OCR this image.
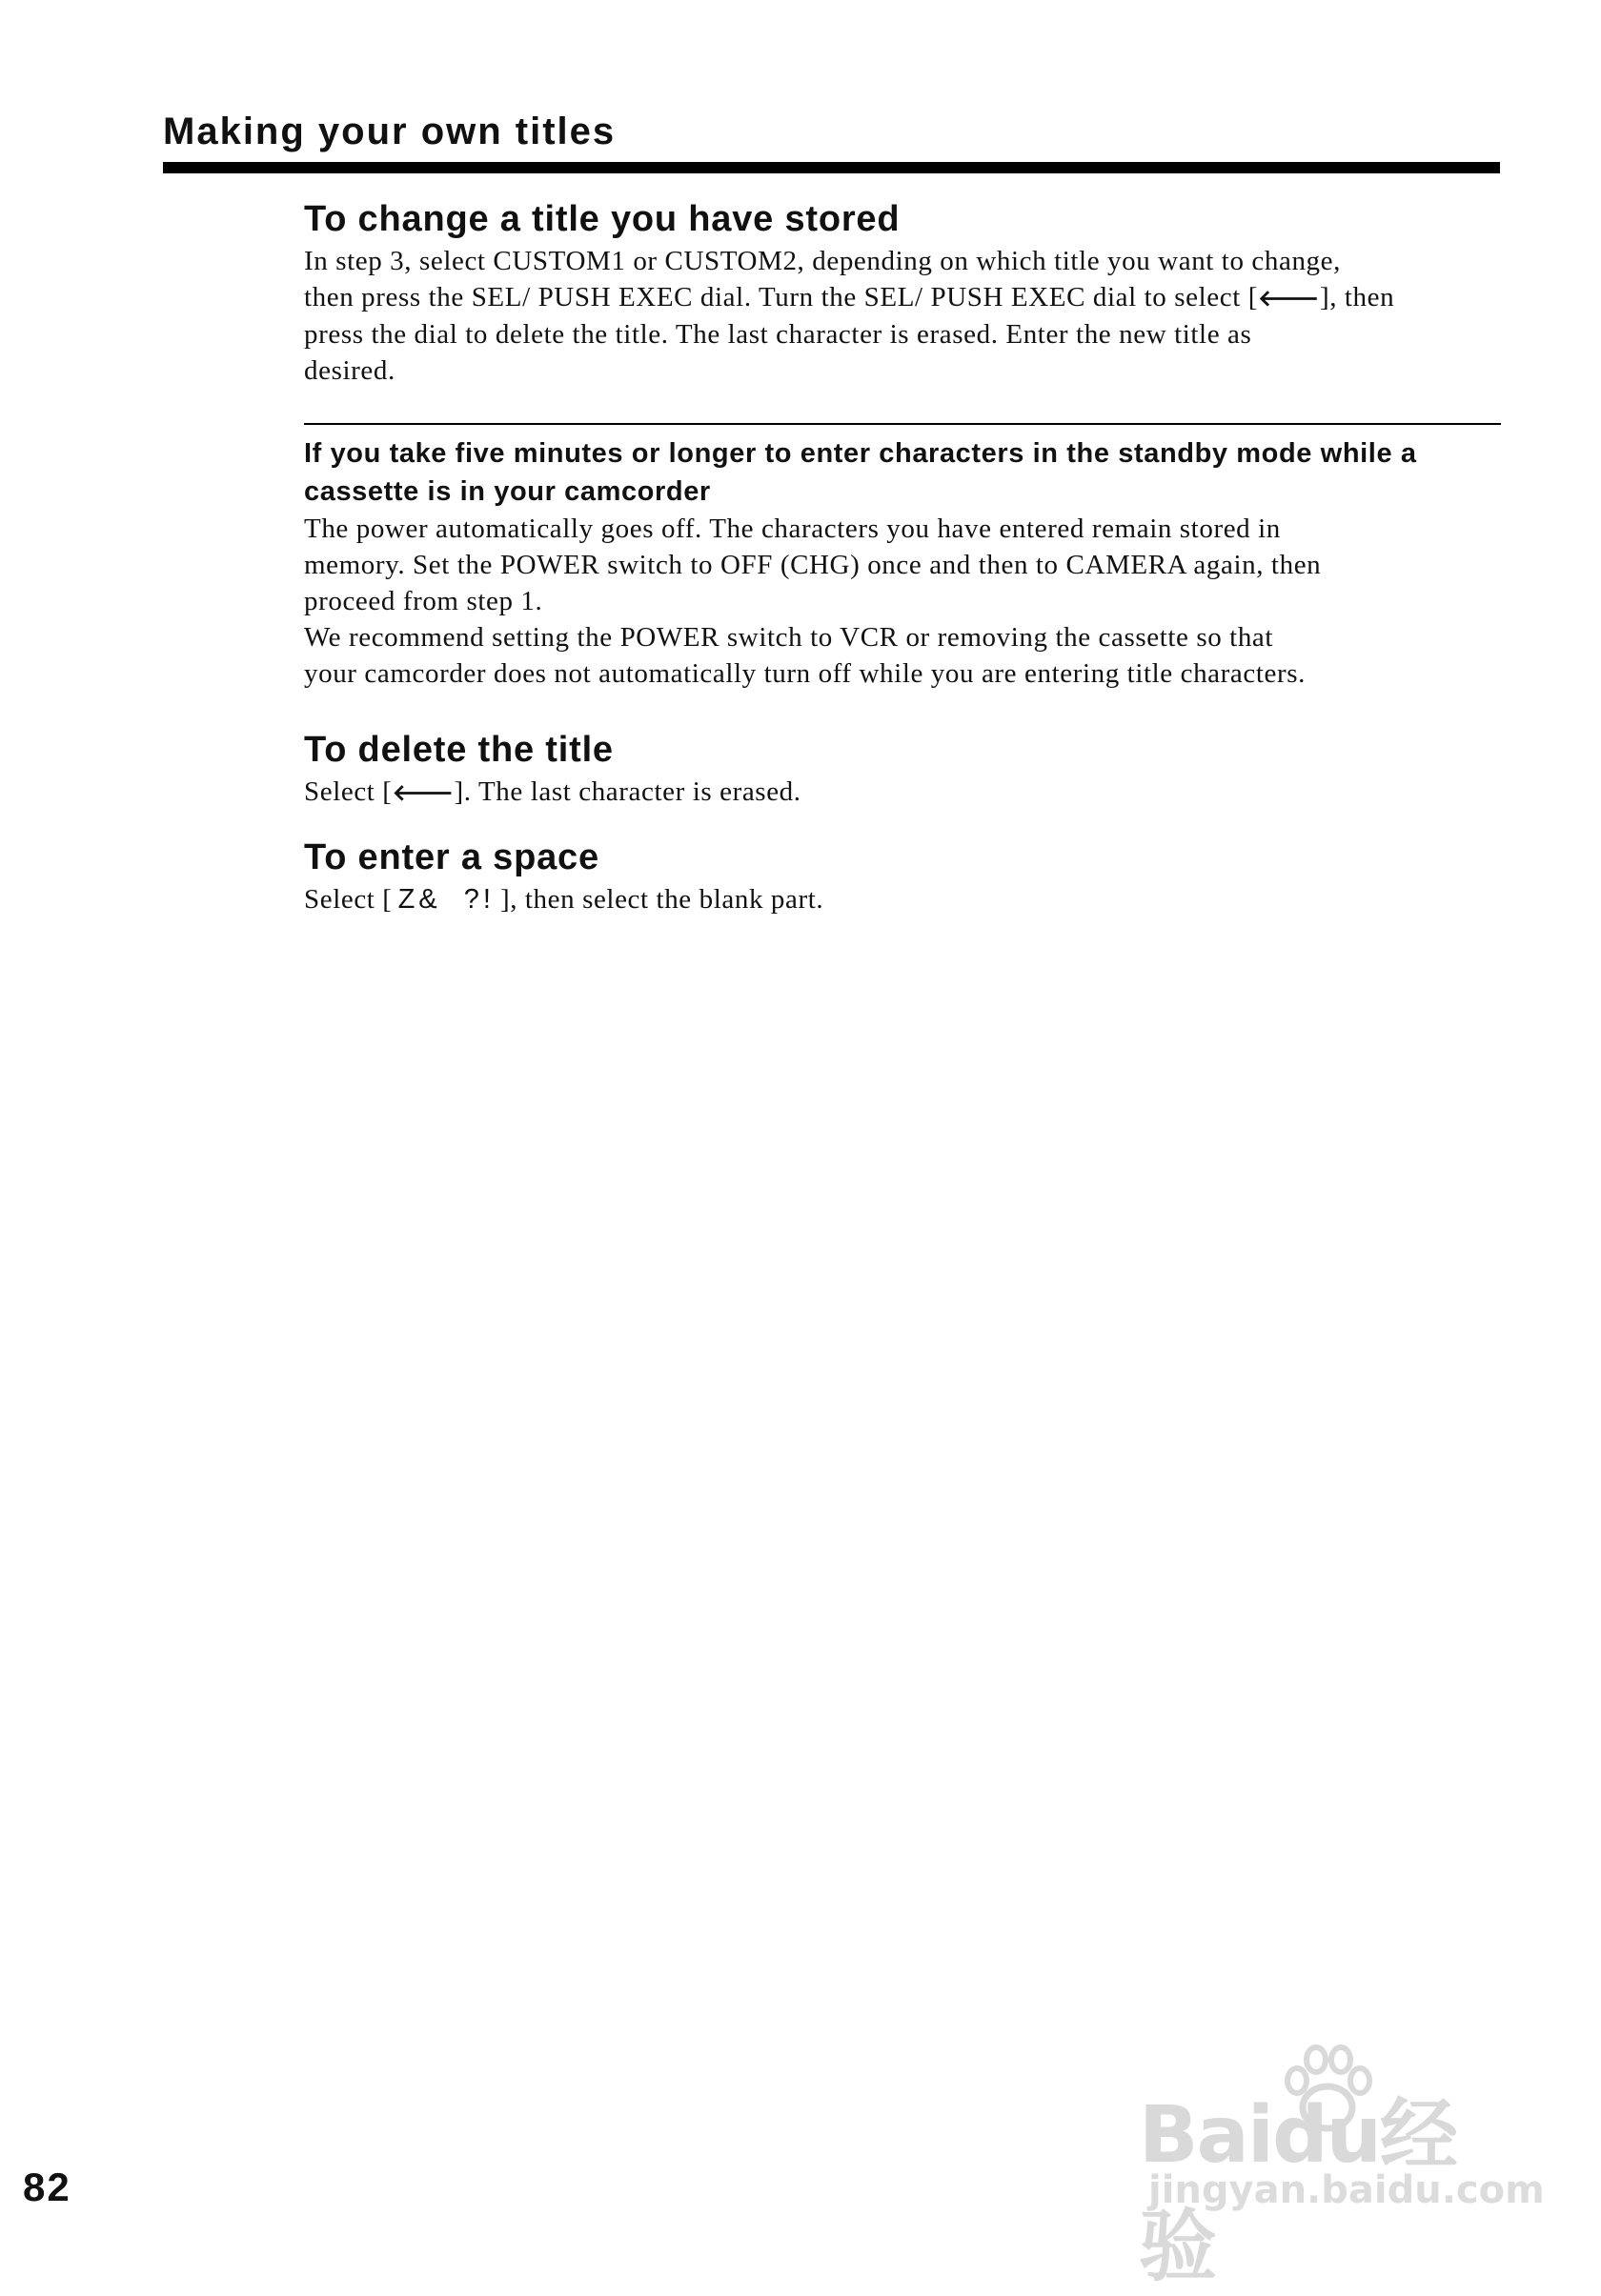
Making your own titles
To change a title you have stored

In step 3, select CUSTOM1 or CUSTOM2, depending on which title you want to change,
then press the SEL/ PUSH EXEC dial. Turn the SEL/ PUSH EXEC dial to select [🡐], then
press the dial to delete the title. The last character is erased. Enter the new title as
desired.

If you take five minutes or longer to enter characters in the standby mode while a
cassette is in your camcorder

The power automatically goes off. The characters you have entered remain stored in
memory. Set the POWER switch to OFF (CHG) once and then to CAMERA again, then
proceed from step 1.
We recommend setting the POWER switch to VCR or removing the cassette so that
your camcorder does not automatically turn off while you are entering title characters.

To delete the title

Select [🡐]. The last character is erased.

To enter a space

Select [ Z&  ?! ], then select the blank part.

82
Baidu经验
jingyan.baidu.com
